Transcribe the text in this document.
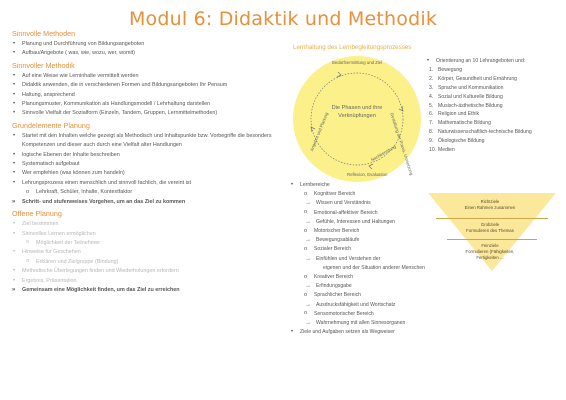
Modul 6: Didaktik und Methodik
Sinnvolle Methoden
• Planung und Durchführung von Bildungsangeboten
• Aufbau/Angebote ( was, wie, wozu, wer, womit)
Sinnvoller Methodik
• Auf eine Weise wie Lerninhalte vermittelt werden
• Didaktik anwenden, die in verschiedenen Formen und Bildungsangeboten Ihr Pensum
• Haltung, ansprechend
• Planungsmuster, Kommunikation als Handlungsmodell / Lehrhaltung darstellen
• Sinnvolle Vielfalt der Sozialform (Einzeln, Tandem, Gruppen, Lernmittelmethoden)
Grundelemente Planung
• Startet mit den Inhalten welche gezeigt als Methodisch und Inhaltspunkte bzw. Vorbegriffe die besonders
Kompetenzen und dieser auch durch eine Vielfalt alter Handlungen
• logische Ebenen der Inhalte beschreiben
• Systematisch aufgebaut
• Wer empfehlen (was können zum handeln)
• Lehrungsprozess einen menschlich und sinnvoll fachlich, die vereint ist
o Lehrkraft, Schüler, Inhalte, Kontextfaktor
» Schritt- und stufenweises Vorgehen, um an das Ziel zu kommen
Offene Planung
• Ziel bestimmen
• Sinnvolles Lernen ermöglichen
o Möglichkeit der Teilnehmer
• Hinweise für Geschehen
o Erklären und Zielgruppe (Bindung)
• Methodische Überlegungen finden und Wiederholungen erfordern
• Ergebnis, Präsentation
» Gemeinsam eine Möglichkeit finden, um das Ziel zu erreichen
Lernhaltung des Lernbegleitungsprozesses
Bedarfsermittlung und Ziel
Gestaltung der Praxis, Umsetzung
Reflexion, Evaluation
Angebot und Planung
Nachbereitung
Die Phasen und ihre Verknüpfungen
• Orientierung an 10 Lehrangeboten und:
1. Bewegung
2. Körper, Gesundheit und Ernährung
3. Sprache und Kommunikation
4. Sozial und Kulturelle Bildung
5. Musisch-ästhetische Bildung
6. Religion und Ethik
7. Mathematische Bildung
8. Naturwissenschaftlich-technische Bildung
9. Ökologische Bildung
10. Medien
• Lernbereiche
o Kognitiver Bereich
→ Wissen und Verständnis
o Emotional-affektiver Bereich
→ Gefühle, Interessen und Haltungen
o Motorischer Bereich
→ Bewegungsabläufe
o Sozialer Bereich
→ Einfühlen und Verstehen der
eigenen und der Situation anderer Menschen
o Kreativer Bereich
→ Erfindungsgabe
o Sprachlicher Bereich
→ Ausdrucksfähigkeit und Wortschatz
o Sensomotorischer Bereich
→ Wahrnehmung mit allen Sinnesorganen
• Ziele und Aufgaben setzen als Wegweiser
Richtziele
Einen Rahmen zusammen
Grobziele
Formulieren des Themas
Feinziele
Formulieren (Fähigkeiten,
Fertigkeiten ...
